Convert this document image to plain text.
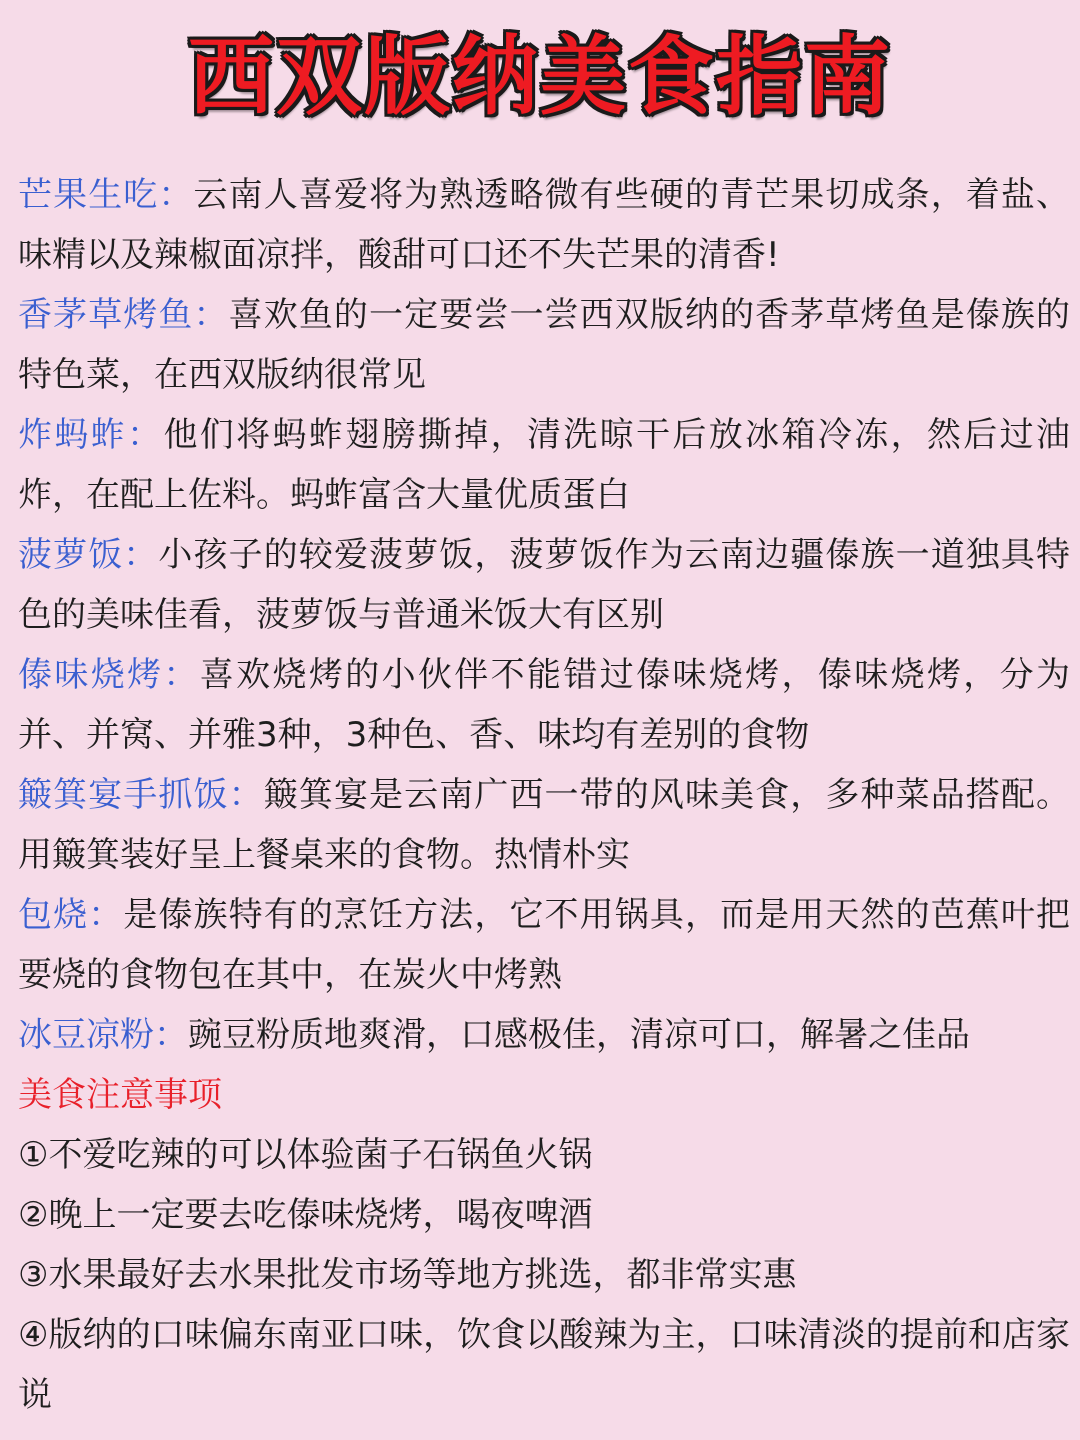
西双版纳美食指南

芒果生吃：云南人喜爱将为熟透略微有些硬的青芒果切成条，着盐、味精以及辣椒面凉拌，酸甜可口还不失芒果的清香!

香茅草烤鱼：喜欢鱼的一定要尝一尝西双版纳的香茅草烤鱼是傣族的特色菜，在西双版纳很常见

炸蚂蚱：他们将蚂蚱翅膀撕掉，清洗晾干后放冰箱冷冻，然后过油炸，在配上佐料。蚂蚱富含大量优质蛋白

菠萝饭：小孩子的较爱菠萝饭，菠萝饭作为云南边疆傣族一道独具特色的美味佳看，菠萝饭与普通米饭大有区别

傣味烧烤：喜欢烧烤的小伙伴不能错过傣味烧烤，傣味烧烤，分为并、并窝、并雅3种，3种色、香、味均有差别的食物

簸箕宴手抓饭：簸箕宴是云南广西一带的风味美食，多种菜品搭配。用簸箕装好呈上餐桌来的食物。热情朴实

包烧：是傣族特有的烹饪方法，它不用锅具，而是用天然的芭蕉叶把要烧的食物包在其中，在炭火中烤熟

冰豆凉粉：豌豆粉质地爽滑，口感极佳，清凉可口，解暑之佳品

美食注意事项

①不爱吃辣的可以体验菌子石锅鱼火锅

②晚上一定要去吃傣味烧烤，喝夜啤酒

③水果最好去水果批发市场等地方挑选，都非常实惠

④版纳的口味偏东南亚口味，饮食以酸辣为主，口味清淡的提前和店家说
